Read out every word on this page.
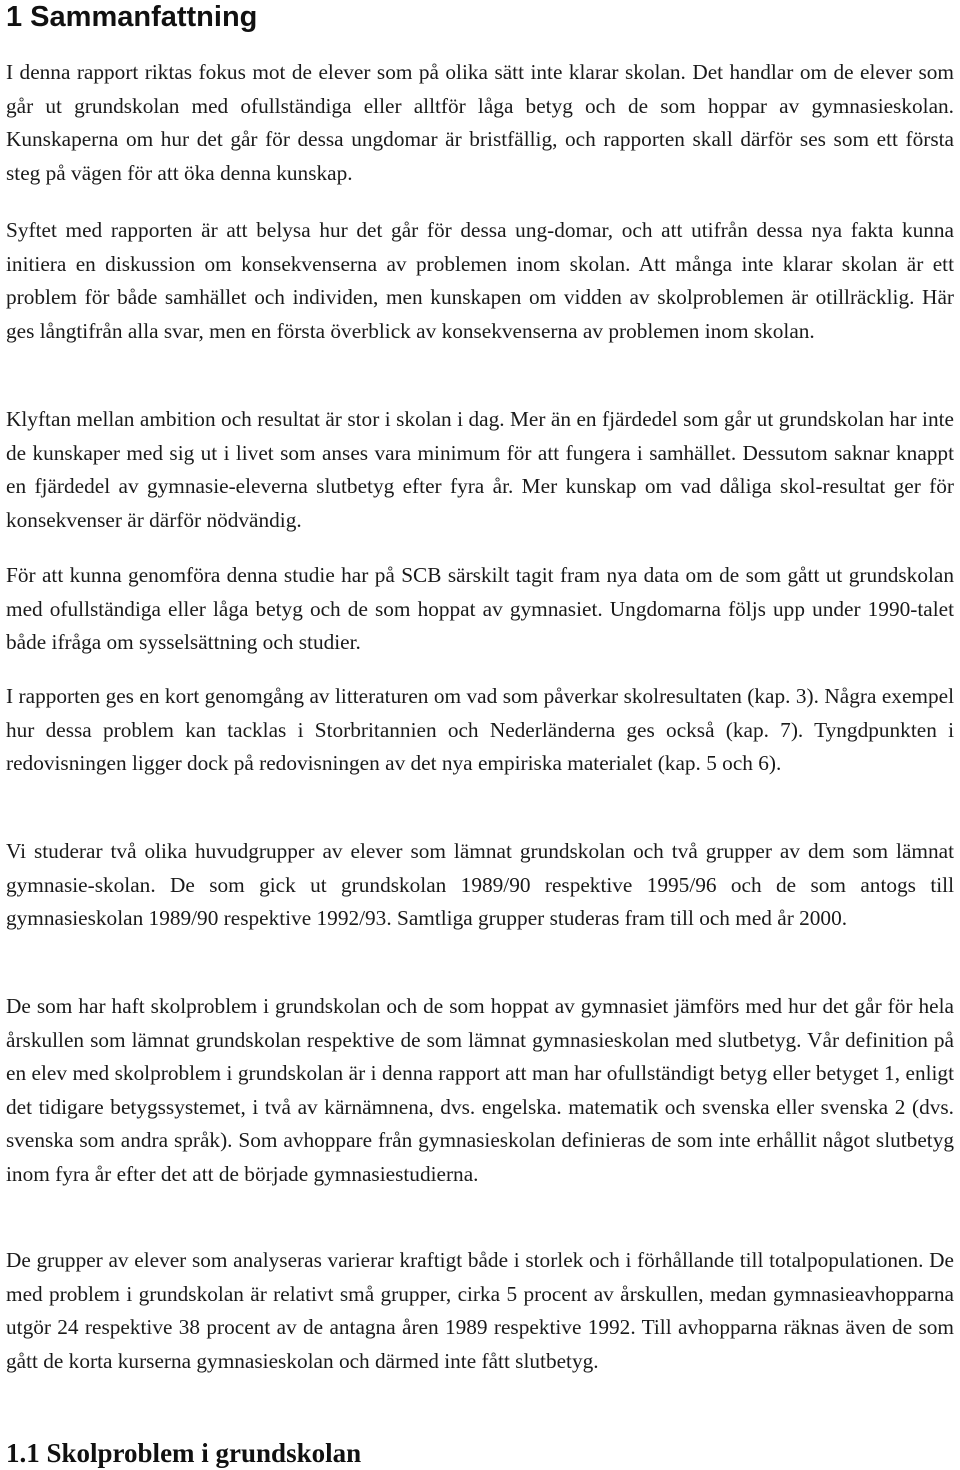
1 Sammanfattning

I denna rapport riktas fokus mot de elever som på olika sätt inte klarar skolan. Det handlar om de elever som går ut grundskolan med ofullständiga eller alltför låga betyg och de som hoppar av gymnasieskolan. Kunskaperna om hur det går för dessa ungdomar är bristfällig, och rapporten skall därför ses som ett första steg på vägen för att öka denna kunskap.

Syftet med rapporten är att belysa hur det går för dessa ung-domar, och att utifrån dessa nya fakta kunna initiera en diskussion om konsekvenserna av problemen inom skolan. Att många inte klarar skolan är ett problem för både samhället och individen, men kunskapen om vidden av skolproblemen är otillräcklig. Här ges långtifrån alla svar, men en första överblick av konsekvenserna av problemen inom skolan.

Klyftan mellan ambition och resultat är stor i skolan i dag. Mer än en fjärdedel som går ut grundskolan har inte de kunskaper med sig ut i livet som anses vara minimum för att fungera i samhället. Dessutom saknar knappt en fjärdedel av gymnasie-eleverna slutbetyg efter fyra år. Mer kunskap om vad dåliga skol-resultat ger för konsekvenser är därför nödvändig.

För att kunna genomföra denna studie har på SCB särskilt tagit fram nya data om de som gått ut grundskolan med ofullständiga eller låga betyg och de som hoppat av gymnasiet. Ungdomarna följs upp under 1990-talet både ifråga om sysselsättning och studier.

I rapporten ges en kort genomgång av litteraturen om vad som påverkar skolresultaten (kap. 3). Några exempel hur dessa problem kan tacklas i Storbritannien och Nederländerna ges också (kap. 7). Tyngdpunkten i redovisningen ligger dock på redovisningen av det nya empiriska materialet (kap. 5 och 6).

Vi studerar två olika huvudgrupper av elever som lämnat grundskolan och två grupper av dem som lämnat gymnasie-skolan. De som gick ut grundskolan 1989/90 respektive 1995/96 och de som antogs till gymnasieskolan 1989/90 respektive 1992/93. Samtliga grupper studeras fram till och med år 2000.

De som har haft skolproblem i grundskolan och de som hoppat av gymnasiet jämförs med hur det går för hela årskullen som lämnat grundskolan respektive de som lämnat gymnasieskolan med slutbetyg. Vår definition på en elev med skolproblem i grundskolan är i denna rapport att man har ofullständigt betyg eller betyget 1, enligt det tidigare betygssystemet, i två av kärnämnena, dvs. engelska. matematik och svenska eller svenska 2 (dvs. svenska som andra språk). Som avhoppare från gymnasieskolan definieras de som inte erhållit något slutbetyg inom fyra år efter det att de började gymnasiestudierna.

De grupper av elever som analyseras varierar kraftigt både i storlek och i förhållande till totalpopulationen. De med problem i grundskolan är relativt små grupper, cirka 5 procent av årskullen, medan gymnasieavhopparna utgör 24 respektive 38 procent av de antagna åren 1989 respektive 1992. Till avhopparna räknas även de som gått de korta kurserna gymnasieskolan och därmed inte fått slutbetyg.

1.1 Skolproblem i grundskolan
